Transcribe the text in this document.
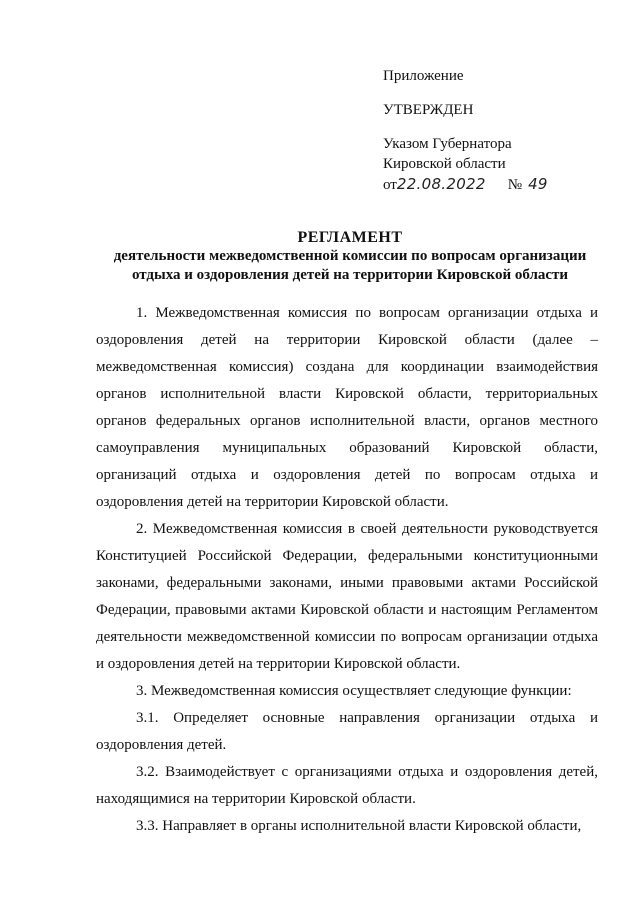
Приложение
УТВЕРЖДЕН
Указом Губернатора
Кировской области
от 22.08.2022 № 49
РЕГЛАМЕНТ
деятельности межведомственной комиссии по вопросам организации
отдыха и оздоровления детей на территории Кировской области

1. Межведомственная комиссия по вопросам организации отдыха и оздоровления детей на территории Кировской области (далее – межведомственная комиссия) создана для координации взаимодействия органов исполнительной власти Кировской области, территориальных органов федеральных органов исполнительной власти, органов местного самоуправления муниципальных образований Кировской области, организаций отдыха и оздоровления детей по вопросам отдыха и оздоровления детей на территории Кировской области.

2. Межведомственная комиссия в своей деятельности руководствуется Конституцией Российской Федерации, федеральными конституционными законами, федеральными законами, иными правовыми актами Российской Федерации, правовыми актами Кировской области и настоящим Регламентом деятельности межведомственной комиссии по вопросам организации отдыха и оздоровления детей на территории Кировской области.

3. Межведомственная комиссия осуществляет следующие функции:

3.1. Определяет основные направления организации отдыха и оздоровления детей.

3.2. Взаимодействует с организациями отдыха и оздоровления детей, находящимися на территории Кировской области.

3.3. Направляет в органы исполнительной власти Кировской области,
